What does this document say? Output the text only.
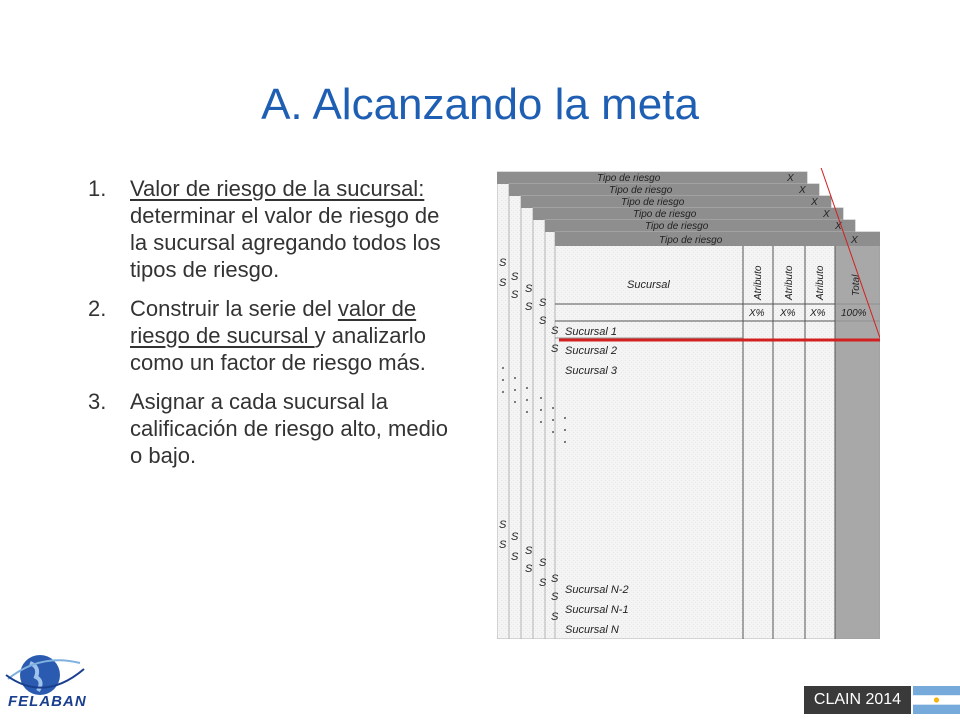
A. Alcanzando la meta
1. Valor de riesgo de la sucursal: determinar el valor de riesgo de la sucursal agregando todos los tipos de riesgo.
2. Construir la serie del valor de riesgo de sucursal y analizarlo como un factor de riesgo más.
3. Asignar a cada sucursal la calificación de riesgo alto, medio o bajo.
Tipo de riesgo	X
Tipo de riesgo	X
Tipo de riesgo	X
Tipo de riesgo	X
Tipo de riesgo	X
Tipo de riesgo	X
Sucursal	Atributo Atributo Atributo	Total
X% X% X% 100%
S
S S
S S
S S
S
S
S
S
S
S
S S
S S
S S
S
S
Sucursal 1
Sucursal 2
Sucursal 3
Sucursal N-2
Sucursal N-1
Sucursal N
FELABAN	CLAIN 2014
